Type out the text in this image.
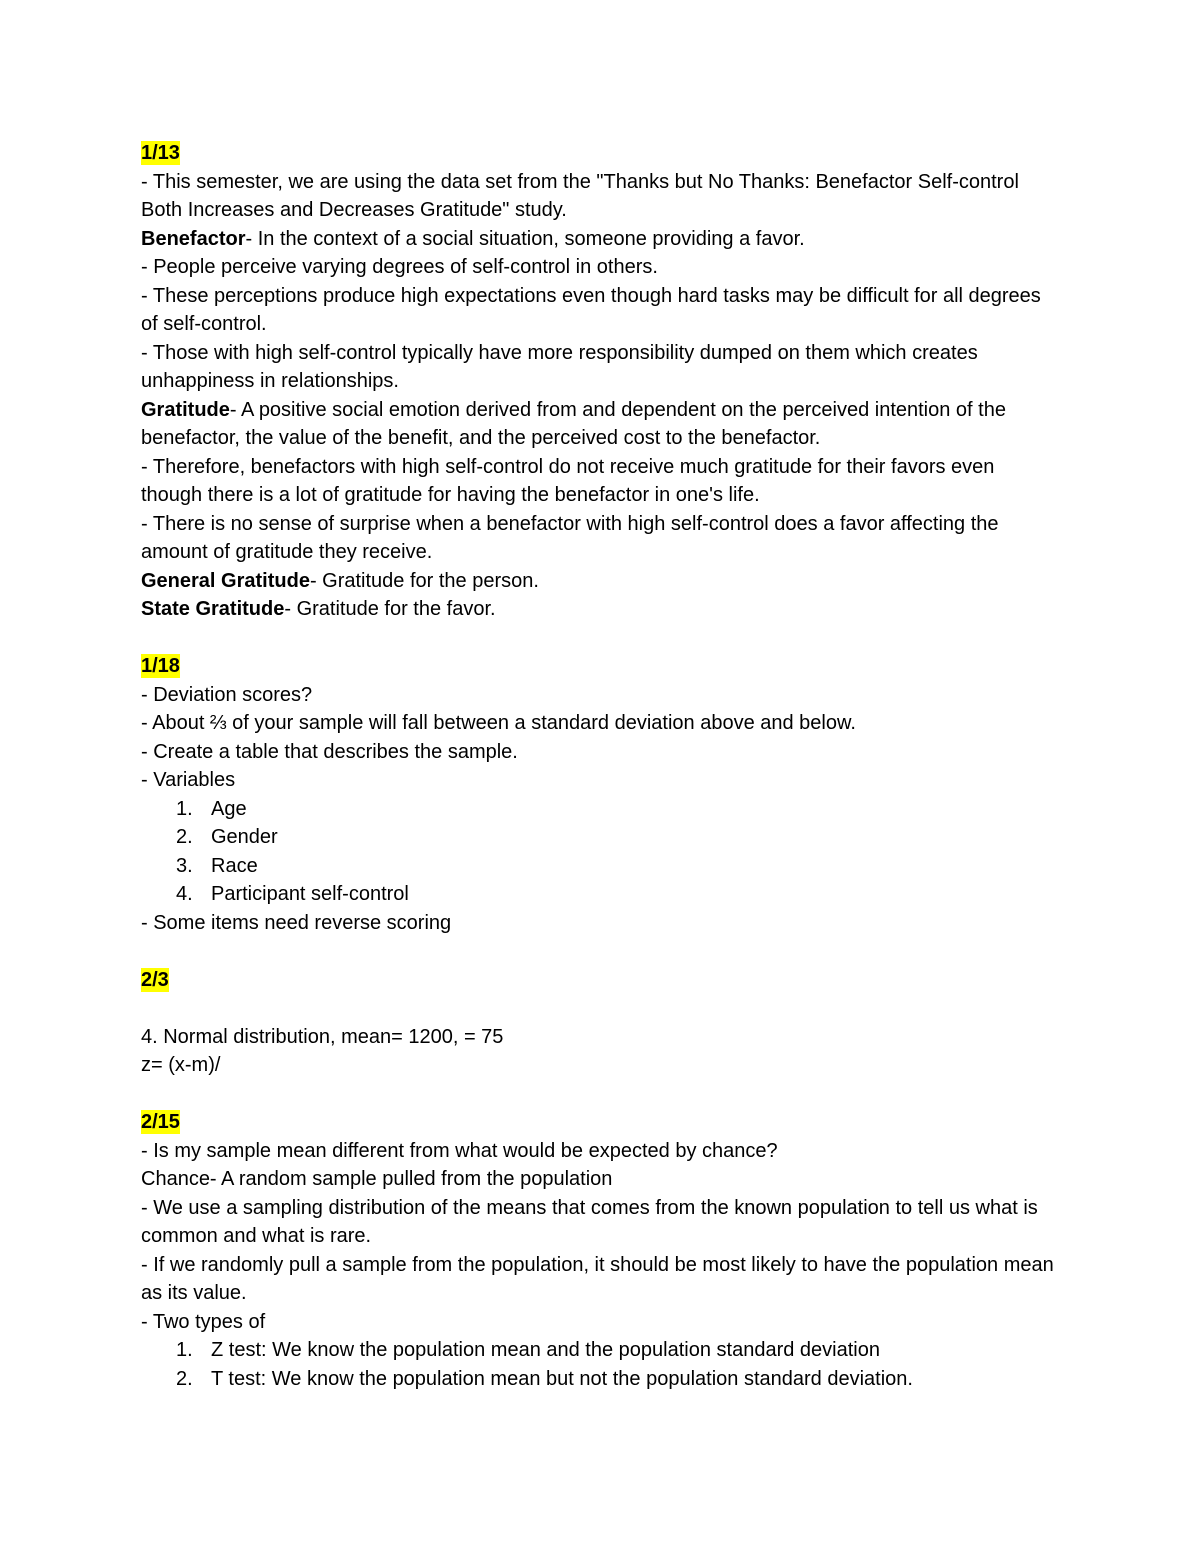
1/13
- This semester, we are using the data set from the "Thanks but No Thanks: Benefactor Self-control Both Increases and Decreases Gratitude" study.
Benefactor- In the context of a social situation, someone providing a favor.
- People perceive varying degrees of self-control in others.
- These perceptions produce high expectations even though hard tasks may be difficult for all degrees of self-control.
- Those with high self-control typically have more responsibility dumped on them which creates unhappiness in relationships.
Gratitude- A positive social emotion derived from and dependent on the perceived intention of the benefactor, the value of the benefit, and the perceived cost to the benefactor.
- Therefore, benefactors with high self-control do not receive much gratitude for their favors even though there is a lot of gratitude for having the benefactor in one's life.
- There is no sense of surprise when a benefactor with high self-control does a favor affecting the amount of gratitude they receive.
General Gratitude- Gratitude for the person.
State Gratitude- Gratitude for the favor.
1/18
- Deviation scores?
- About ⅔ of your sample will fall between a standard deviation above and below.
- Create a table that describes the sample.
- Variables
1. Age
2. Gender
3. Race
4. Participant self-control
- Some items need reverse scoring
2/3
4. Normal distribution, mean= 1200, = 75
z= (x-m)/
2/15
- Is my sample mean different from what would be expected by chance?
Chance- A random sample pulled from the population
- We use a sampling distribution of the means that comes from the known population to tell us what is common and what is rare.
- If we randomly pull a sample from the population, it should be most likely to have the population mean as its value.
- Two types of
1. Z test: We know the population mean and the population standard deviation
2. T test: We know the population mean but not the population standard deviation.
